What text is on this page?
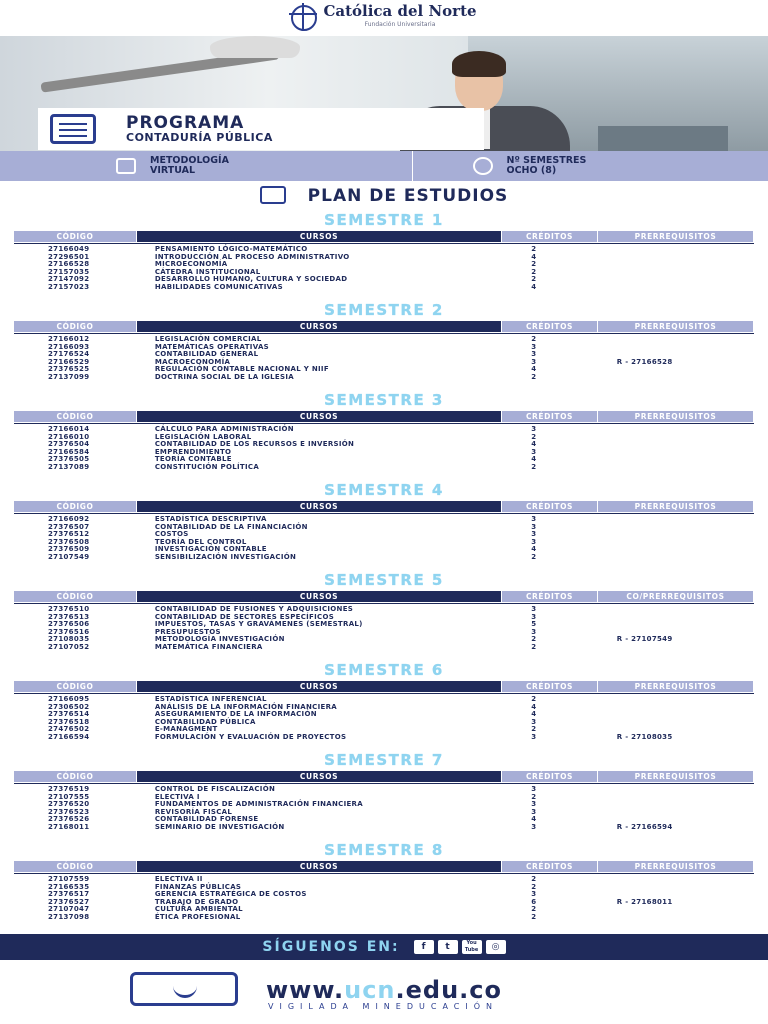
Católica del Norte
Fundación Universitaria
PROGRAMA
CONTADURÍA PÚBLICA
METODOLOGÍA
VIRTUAL
Nº SEMESTRES
OCHO (8)
PLAN DE ESTUDIOS
SEMESTRE 1
CÓDIGO	CURSOS	CRÉDITOS	PRERREQUISITOS
27166049	PENSAMIENTO LÓGICO-MATEMÁTICO	2
27296501	INTRODUCCIÓN AL PROCESO ADMINISTRATIVO	4
27166528	MICROECONOMÍA	2
27157035	CÁTEDRA INSTITUCIONAL	2
27147092	DESARROLLO HUMANO, CULTURA Y SOCIEDAD	2
27157023	HABILIDADES COMUNICATIVAS	4
SEMESTRE 2
CÓDIGO	CURSOS	CRÉDITOS	PRERREQUISITOS
27166012	LEGISLACIÓN COMERCIAL	2
27166093	MATEMÁTICAS OPERATIVAS	3
27176524	CONTABILIDAD GENERAL	3
27166529	MACROECONOMÍA	3	R - 27166528
27376525	REGULACIÓN CONTABLE NACIONAL Y NIIF	4
27137099	DOCTRINA SOCIAL DE LA IGLESIA	2
SEMESTRE 3
CÓDIGO	CURSOS	CRÉDITOS	PRERREQUISITOS
27166014	CÁLCULO PARA ADMINISTRACIÓN	3
27166010	LEGISLACIÓN LABORAL	2
27376504	CONTABILIDAD DE LOS RECURSOS E INVERSIÓN	4
27166584	EMPRENDIMIENTO	3
27376505	TEORÍA CONTABLE	4
27137089	CONSTITUCIÓN POLÍTICA	2
SEMESTRE 4
CÓDIGO	CURSOS	CRÉDITOS	PRERREQUISITOS
27166092	ESTADÍSTICA DESCRIPTIVA	3
27376507	CONTABILIDAD DE LA FINANCIACIÓN	3
27376512	COSTOS	3
27376508	TEORÍA DEL CONTROL	3
27376509	INVESTIGACIÓN CONTABLE	4
27107549	SENSIBILIZACIÓN INVESTIGACIÓN	2
SEMESTRE 5
CÓDIGO	CURSOS	CRÉDITOS	CO/PRERREQUISITOS
27376510	CONTABILIDAD DE FUSIONES Y ADQUISICIONES	3
27376513	CONTABILIDAD DE SECTORES ESPECÍFICOS	3
27376506	IMPUESTOS, TASAS Y GRAVÁMENES (SEMESTRAL)	5
27376516	PRESUPUESTOS	3
27108035	METODOLOGÍA INVESTIGACIÓN	2	R - 27107549
27107052	MATEMÁTICA FINANCIERA	2
SEMESTRE 6
CÓDIGO	CURSOS	CRÉDITOS	PRERREQUISITOS
27166095	ESTADÍSTICA INFERENCIAL	2
27306502	ANÁLISIS DE LA INFORMACIÓN FINANCIERA	4
27376514	ASEGURAMIENTO DE LA INFORMACIÓN	4
27376518	CONTABILIDAD PÚBLICA	3
27476502	E-MANAGMENT	2
27166594	FORMULACIÓN Y EVALUACIÓN DE PROYECTOS	3	R - 27108035
SEMESTRE 7
CÓDIGO	CURSOS	CRÉDITOS	PRERREQUISITOS
27376519	CONTROL DE FISCALIZACIÓN	3
27107555	ELECTIVA I	2
27376520	FUNDAMENTOS DE ADMINISTRACIÓN FINANCIERA	3
27376523	REVISORÍA FISCAL	3
27376526	CONTABILIDAD FORENSE	4
27168011	SEMINARIO DE INVESTIGACIÓN	3	R - 27166594
SEMESTRE 8
CÓDIGO	CURSOS	CRÉDITOS	PRERREQUISITOS
27107559	ELECTIVA II	2
27166535	FINANZAS PÚBLICAS	2
27376517	GERENCIA ESTRATÉGICA DE COSTOS	3
27376527	TRABAJO DE GRADO	6	R - 27168011
27107047	CULTURA AMBIENTAL	2
27137098	ÉTICA PROFESIONAL	2
SÍGUENOS EN:	f	t	You Tube	◎
www.ucn.edu.co
VIGILADA MINEDUCACIÓN
